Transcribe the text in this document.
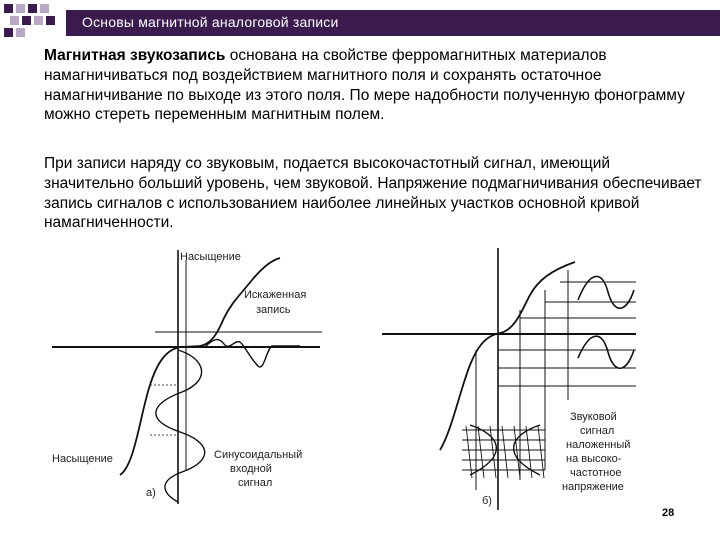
Основы магнитной аналоговой записи

Магнитная звукозапись основана на свойстве ферромагнитных материалов намагничиваться под воздействием магнитного поля и сохранять остаточное намагничивание по выходе из этого поля. По мере надобности полученную фонограмму можно стереть переменным магнитным полем.

При записи наряду со звуковым, подается высокочастотный сигнал, имеющий значительно больший уровень, чем звуковой. Напряжение подмагничивания обеспечивает запись сигналов с использованием наиболее линейных участков основной кривой намагниченности.

Насыщение
Искаженная
запись
Насыщение	Синусоидальный
входной
сигнал
а)
Звуковой
сигнал
наложенный
на высоко-
частотное
напряжение
б)
28
